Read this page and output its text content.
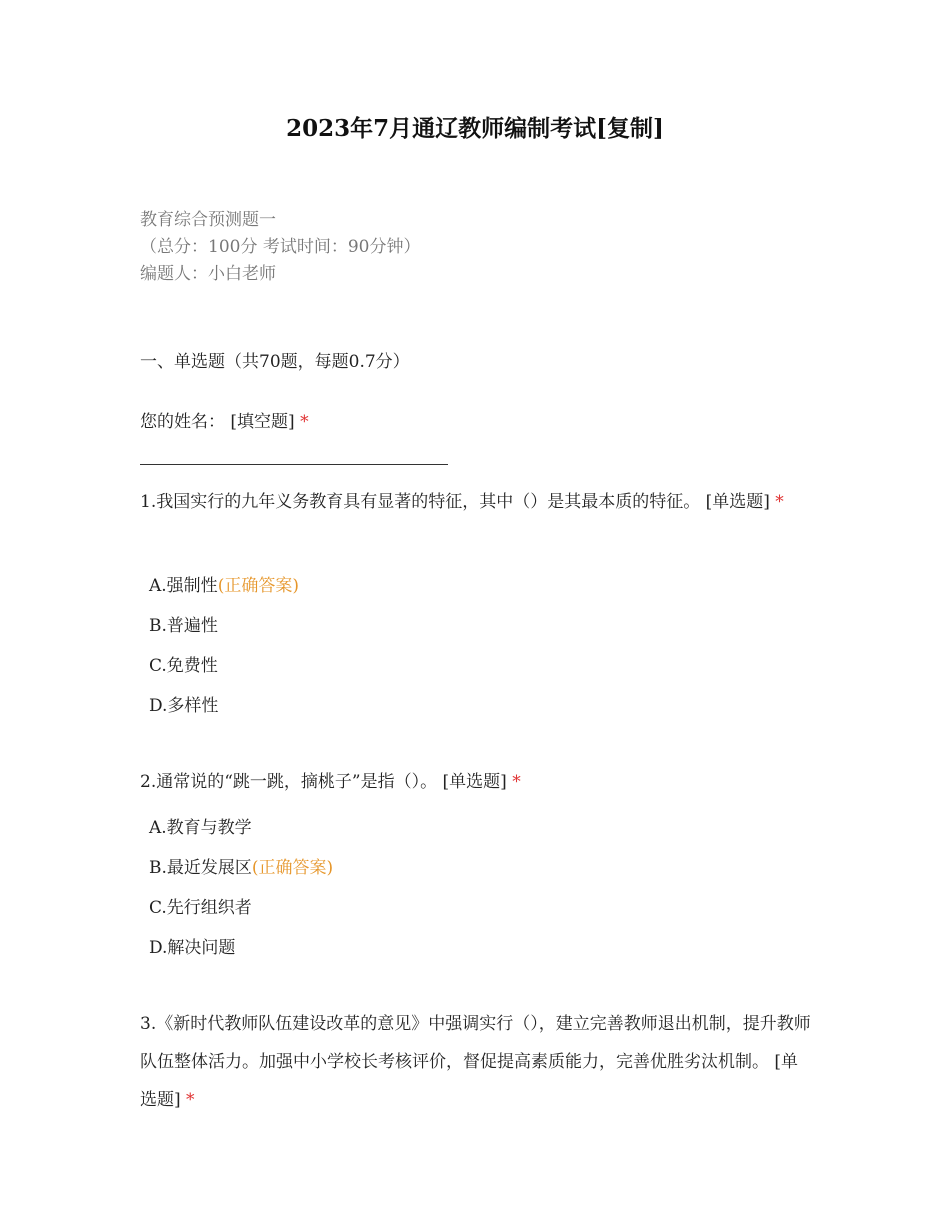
2023年7月通辽教师编制考试[复制]
教育综合预测题一
（总分：100分 考试时间：90分钟）
编题人：小白老师
一、单选题（共70题，每题0.7分）
您的姓名： [填空题] *
1.我国实行的九年义务教育具有显著的特征，其中（）是其最本质的特征。 [单选题] *
A.强制性(正确答案)
B.普遍性
C.免费性
D.多样性
2.通常说的“跳一跳，摘桃子”是指（）。 [单选题] *
A.教育与教学
B.最近发展区(正确答案)
C.先行组织者
D.解决问题
3.《新时代教师队伍建设改革的意见》中强调实行（），建立完善教师退出机制，提升教师队伍整体活力。加强中小学校长考核评价，督促提高素质能力，完善优胜劣汰机制。 [单选题] *
